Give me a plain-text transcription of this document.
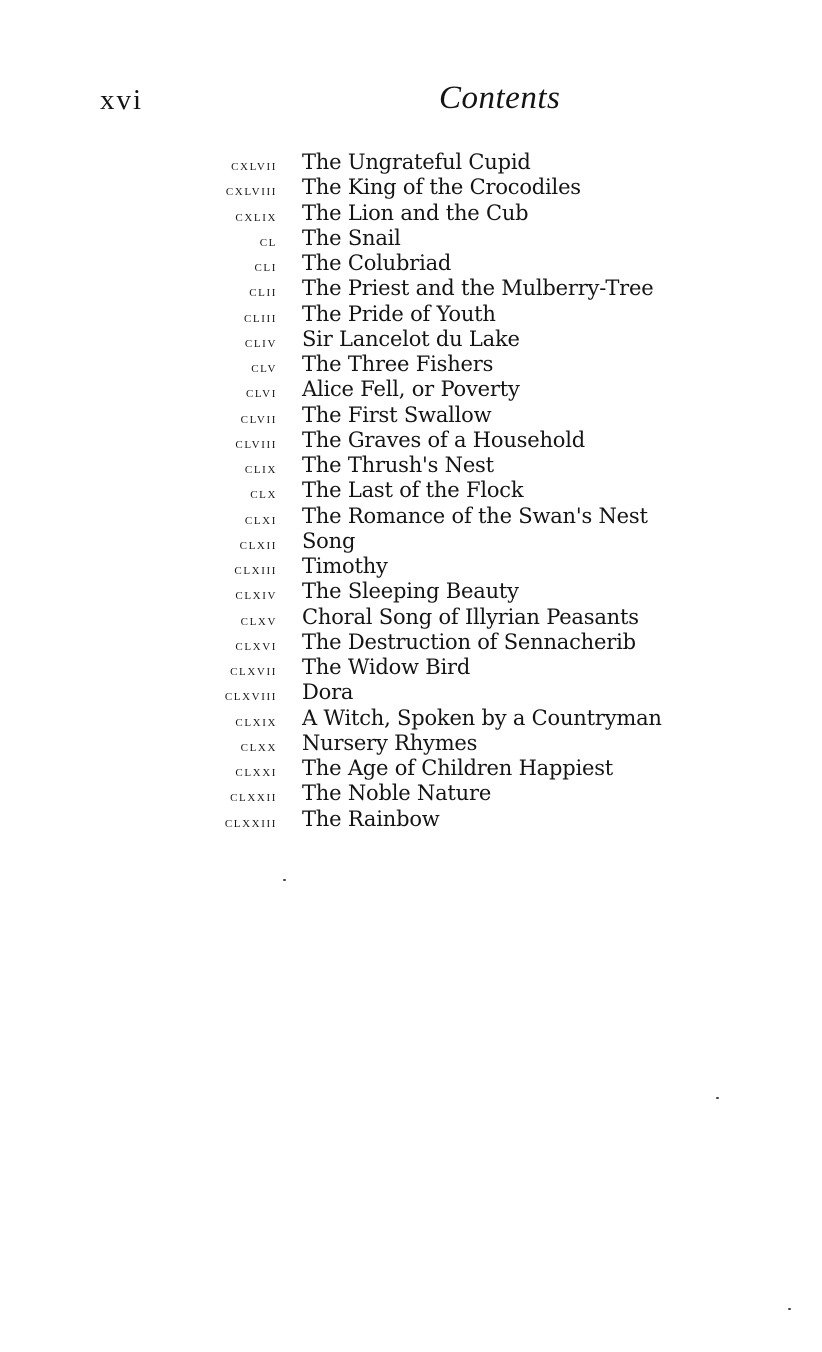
xvi	Contents
cxlvii The Ungrateful Cupid
cxlviii The King of the Crocodiles
cxlix The Lion and the Cub
cl The Snail
cli The Colubriad
clii The Priest and the Mulberry-Tree
cliii The Pride of Youth
cliv Sir Lancelot du Lake
clv The Three Fishers
clvi Alice Fell, or Poverty
clvii The First Swallow
clviii The Graves of a Household
clix The Thrush's Nest
clx The Last of the Flock
clxi The Romance of the Swan's Nest
clxii Song
clxiii Timothy
clxiv The Sleeping Beauty
clxv Choral Song of Illyrian Peasants
clxvi The Destruction of Sennacherib
clxvii The Widow Bird
clxviii Dora
clxix A Witch, Spoken by a Countryman
clxx Nursery Rhymes
clxxi The Age of Children Happiest
clxxii The Noble Nature
clxxiii The Rainbow
